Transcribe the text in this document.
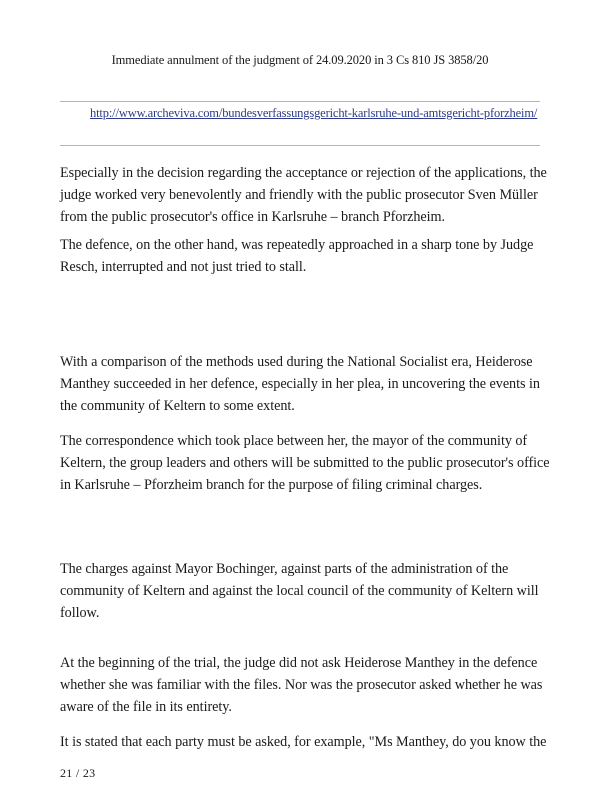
Immediate annulment of the judgment of 24.09.2020 in 3 Cs 810 JS 3858/20
http://www.archeviva.com/bundesverfassungsgericht-karlsruhe-und-amtsgericht-pforzheim/

Especially in the decision regarding the acceptance or rejection of the applications, the judge worked very benevolently and friendly with the public prosecutor Sven Müller from the public prosecutor's office in Karlsruhe – branch Pforzheim.

The defence, on the other hand, was repeatedly approached in a sharp tone by Judge Resch, interrupted and not just tried to stall.

With a comparison of the methods used during the National Socialist era, Heiderose Manthey succeeded in her defence, especially in her plea, in uncovering the events in the community of Keltern to some extent.

The correspondence which took place between her, the mayor of the community of Keltern, the group leaders and others will be submitted to the public prosecutor's office in Karlsruhe – Pforzheim branch for the purpose of filing criminal charges.

The charges against Mayor Bochinger, against parts of the administration of the community of Keltern and against the local council of the community of Keltern will follow.

At the beginning of the trial, the judge did not ask Heiderose Manthey in the defence whether she was familiar with the files. Nor was the prosecutor asked whether he was aware of the file in its entirety.

It is stated that each party must be asked, for example, "Ms Manthey, do you know the

21 / 23
